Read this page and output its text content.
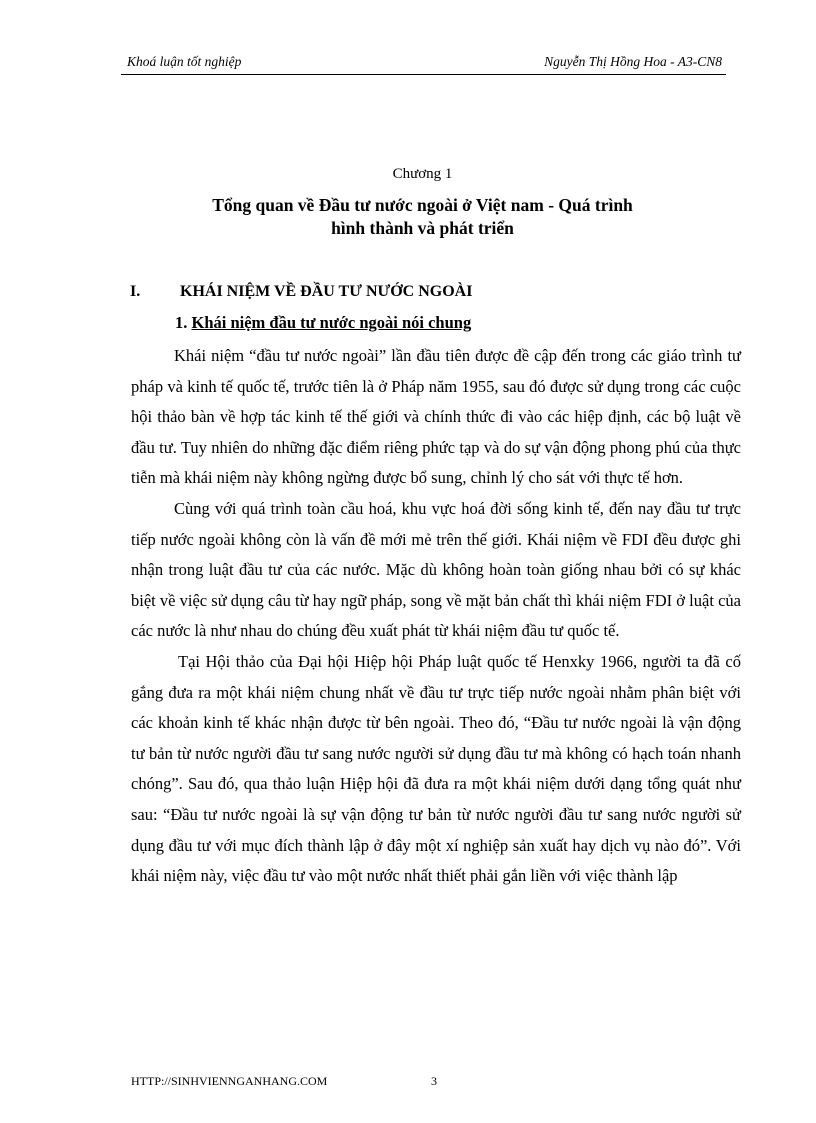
Khoá luận tốt nghiệp	Nguyễn Thị Hồng Hoa - A3-CN8
Chương 1
Tổng quan về Đầu tư nước ngoài ở Việt nam - Quá trình
hình thành và phát triển
I. KHÁI NIỆM VỀ ĐẦU TƯ NƯỚC NGOÀI
1. Khái niệm đầu tư nước ngoài nói chung

Khái niệm “đầu tư nước ngoài” lần đầu tiên được đề cập đến trong các giáo trình tư pháp và kinh tế quốc tế, trước tiên là ở Pháp năm 1955, sau đó được sử dụng trong các cuộc hội thảo bàn về hợp tác kinh tế thế giới và chính thức đi vào các hiệp định, các bộ luật về đầu tư. Tuy nhiên do những đặc điểm riêng phức tạp và do sự vận động phong phú của thực tiễn mà khái niệm này không ngừng được bổ sung, chỉnh lý cho sát với thực tế hơn.

Cùng với quá trình toàn cầu hoá, khu vực hoá đời sống kinh tế, đến nay đầu tư trực tiếp nước ngoài không còn là vấn đề mới mẻ trên thế giới. Khái niệm về FDI đều được ghi nhận trong luật đầu tư của các nước. Mặc dù không hoàn toàn giống nhau bởi có sự khác biệt về việc sử dụng câu từ hay ngữ pháp, song về mặt bản chất thì khái niệm FDI ở luật của các nước là như nhau do chúng đều xuất phát từ khái niệm đầu tư quốc tế.

Tại Hội thảo của Đại hội Hiệp hội Pháp luật quốc tế Henxky 1966, người ta đã cố gắng đưa ra một khái niệm chung nhất về đầu tư trực tiếp nước ngoài nhằm phân biệt với các khoản kinh tế khác nhận được từ bên ngoài. Theo đó, “Đầu tư nước ngoài là vận động tư bản từ nước người đầu tư sang nước người sử dụng đầu tư mà không có hạch toán nhanh chóng”. Sau đó, qua thảo luận Hiệp hội đã đưa ra một khái niệm dưới dạng tổng quát như sau: “Đầu tư nước ngoài là sự vận động tư bản từ nước người đầu tư sang nước người sử dụng đầu tư với mục đích thành lập ở đây một xí nghiệp sản xuất hay dịch vụ nào đó”. Với khái niệm này, việc đầu tư vào một nước nhất thiết phải gắn liền với việc thành lập

HTTP://SINHVIENNGANHANG.COM	3
